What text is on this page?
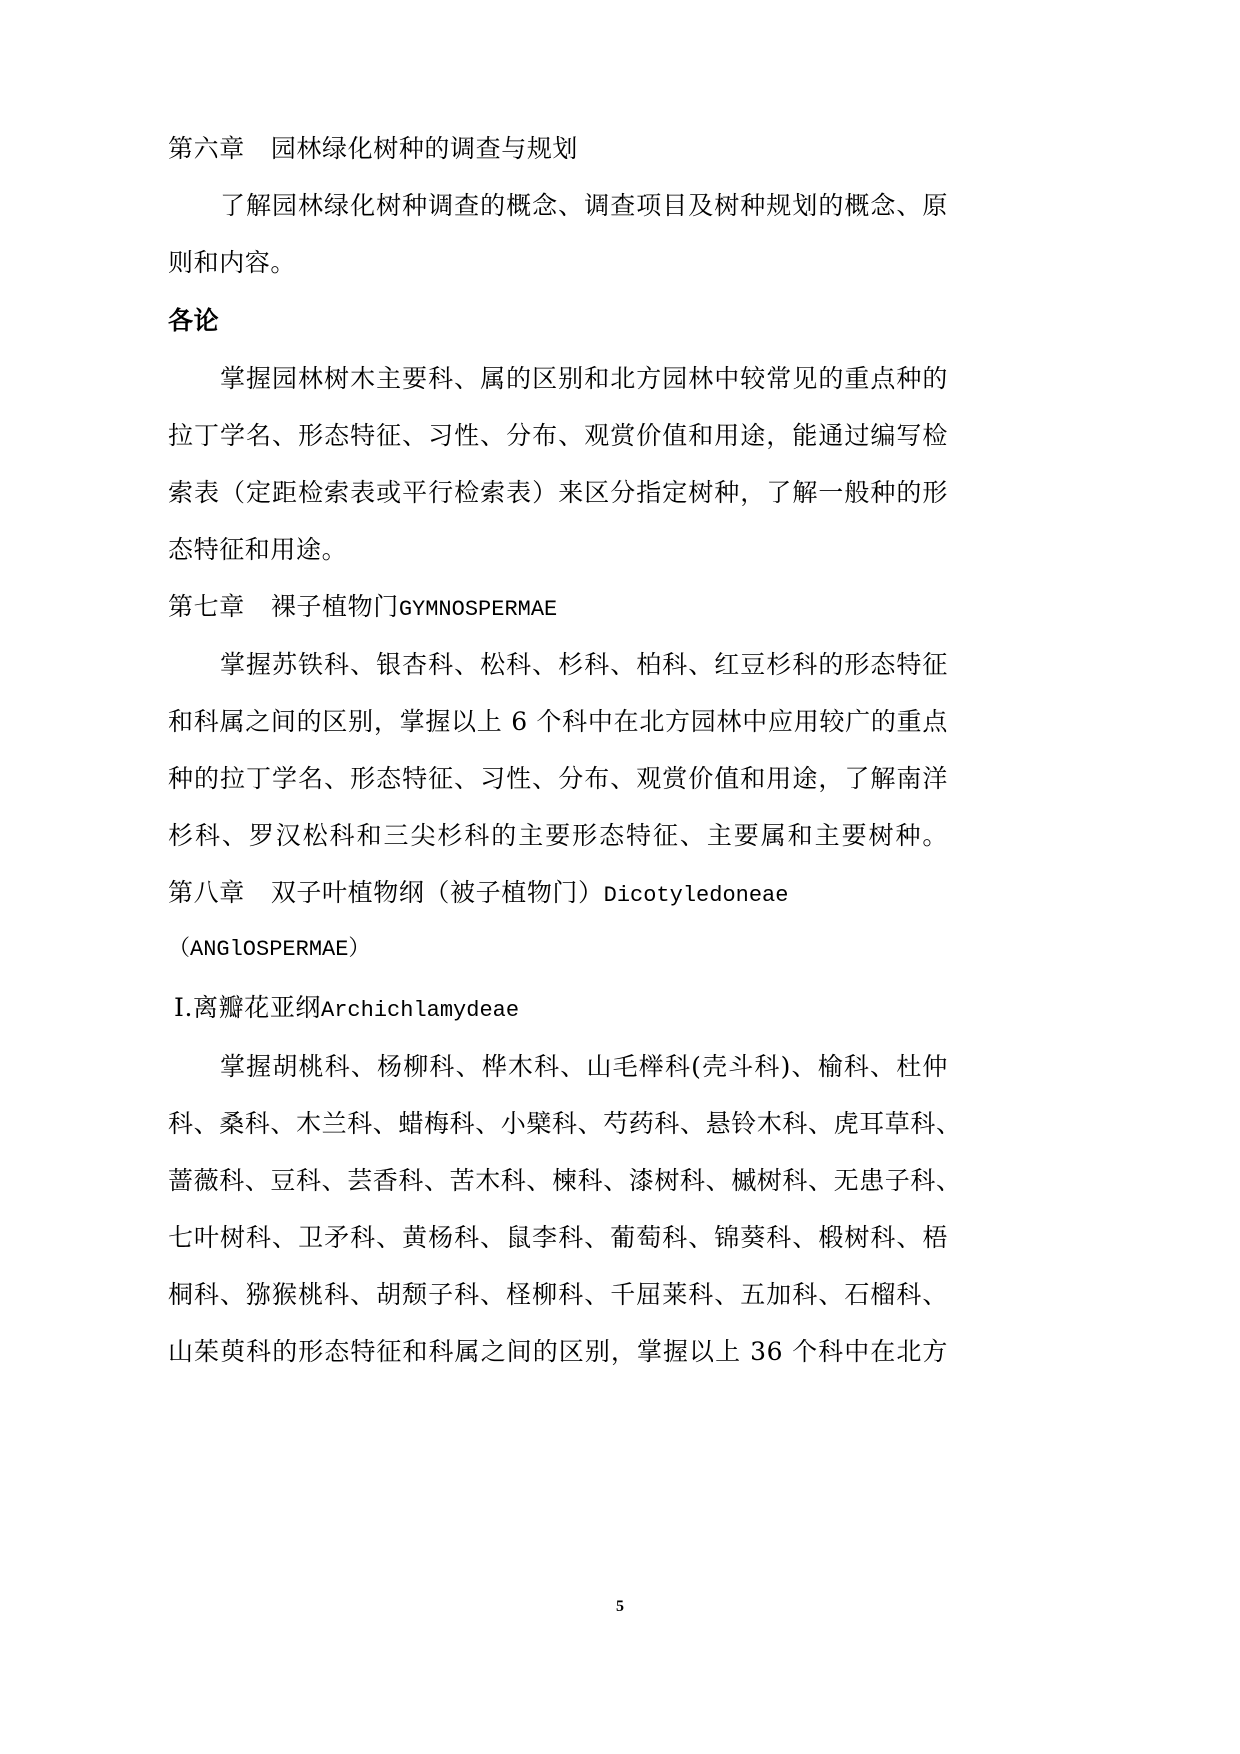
第六章 园林绿化树种的调查与规划
了解园林绿化树种调查的概念、调查项目及树种规划的概念、原
则和内容。
各论
掌握园林树木主要科、属的区别和北方园林中较常见的重点种的
拉丁学名、形态特征、习性、分布、观赏价值和用途，能通过编写检
索表（定距检索表或平行检索表）来区分指定树种，了解一般种的形
态特征和用途。
第七章 裸子植物门GYMNOSPERMAE
掌握苏铁科、银杏科、松科、杉科、柏科、红豆杉科的形态特征
和科属之间的区别，掌握以上 6 个科中在北方园林中应用较广的重点
种的拉丁学名、形态特征、习性、分布、观赏价值和用途，了解南洋
杉科、罗汉松科和三尖杉科的主要形态特征、主要属和主要树种。
第八章 双子叶植物纲（被子植物门）Dicotyledoneae
（ANGlOSPERMAE）
Ⅰ.离瓣花亚纲Archichlamydeae
掌握胡桃科、杨柳科、桦木科、山毛榉科(壳斗科)、榆科、杜仲
科、桑科、木兰科、蜡梅科、小檗科、芍药科、悬铃木科、虎耳草科、
蔷薇科、豆科、芸香科、苦木科、楝科、漆树科、槭树科、无患子科、
七叶树科、卫矛科、黄杨科、鼠李科、葡萄科、锦葵科、椴树科、梧
桐科、猕猴桃科、胡颓子科、柽柳科、千屈莱科、五加科、石榴科、
山茱萸科的形态特征和科属之间的区别，掌握以上 36 个科中在北方
5
